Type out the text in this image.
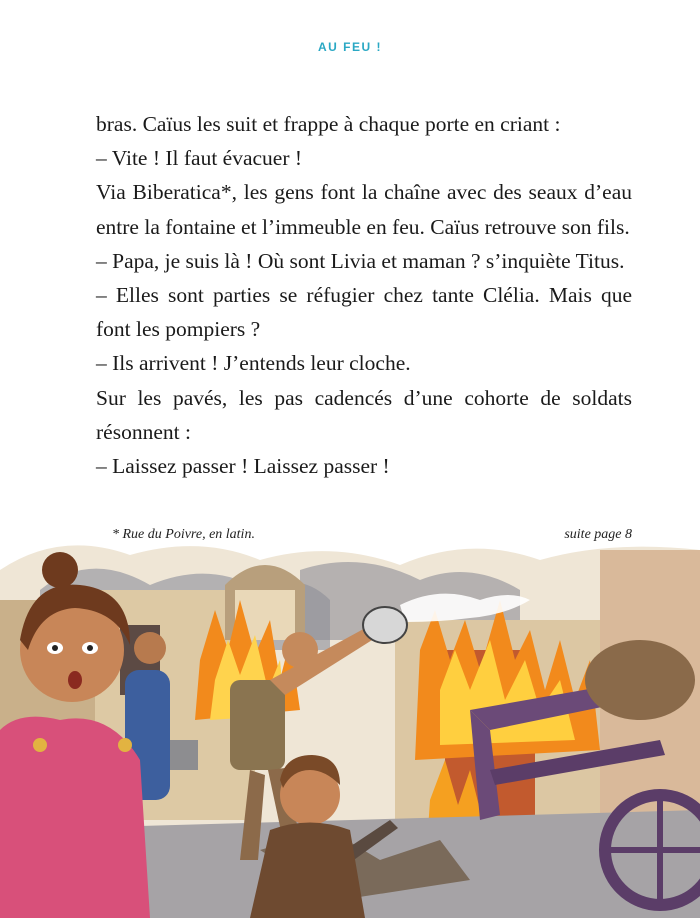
AU FEU !

bras. Caïus les suit et frappe à chaque porte en criant :

– Vite ! Il faut évacuer !

Via Biberatica*, les gens font la chaîne avec des seaux d’eau entre la fontaine et l’immeuble en feu. Caïus retrouve son fils.

– Papa, je suis là ! Où sont Livia et maman ? s’inquiète Titus.

– Elles sont parties se réfugier chez tante Clélia. Mais que font les pompiers ?

– Ils arrivent ! J’entends leur cloche.

Sur les pavés, les pas cadencés d’une cohorte de soldats résonnent :

– Laissez passer ! Laissez passer !

* Rue du Poivre, en latin.	suite page 8
